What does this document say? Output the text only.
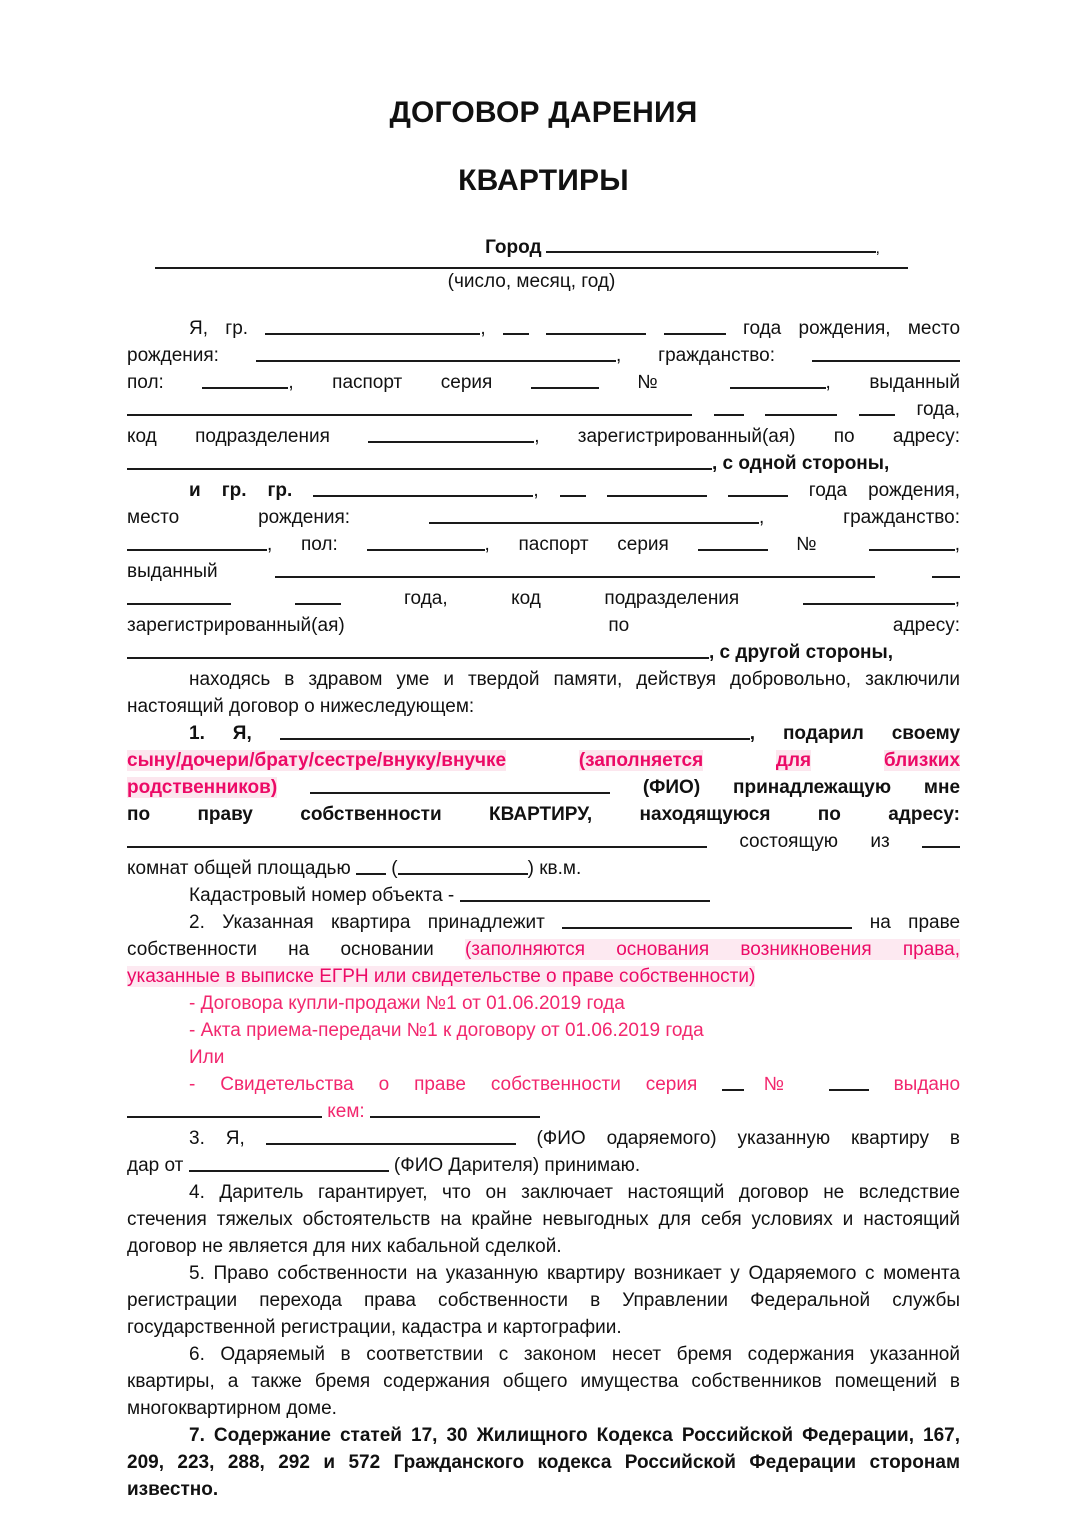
ДОГОВОР ДАРЕНИЯ

КВАРТИРЫ

Город	,
(число, месяц, год)
Я, гр.	,	года рождения, место
рождения:	, гражданство:
пол:	, паспорт серия	№	, выданный
года,
код подразделения	, зарегистрированный(ая) по адресу:
, с одной стороны,
и гр. гр.	,	года рождения,
место рождения:	, гражданство:
, пол:	, паспорт серия	№	,
выданный
года, код подразделения	,
зарегистрированный(ая)	по	адресу:
, с другой стороны,
находясь в здравом уме и твердой памяти, действуя добровольно, заключили настоящий договор о нижеследующем:
1. Я,	, подарил своему
сыну/дочери/брату/сестре/внуку/внучке	(заполняется	для	близких
родственников)	(ФИО) принадлежащую мне
по праву собственности КВАРТИРУ, находящуюся по адресу:
состоящую из
комнат общей площадью (	) кв.м.
Кадастровый номер объекта -
2. Указанная квартира принадлежит	на праве
собственности на основании (заполняются основания возникновения права,
указанные в выписке ЕГРН или свидетельстве о праве собственности)
- Договора купли-продажи №1 от 01.06.2019 года
- Акта приема-передачи №1 к договору от 01.06.2019 года
Или
- Свидетельства о праве собственности серия №	выдано
кем:
3. Я,	(ФИО одаряемого) указанную квартиру в
дар от	(ФИО Дарителя) принимаю.
4. Даритель гарантирует, что он заключает настоящий договор не вследствие стечения тяжелых обстоятельств на крайне невыгодных для себя условиях и настоящий договор не является для них кабальной сделкой.
5. Право собственности на указанную квартиру возникает у Одаряемого с момента регистрации перехода права собственности в Управлении Федеральной службы государственной регистрации, кадастра и картографии.
6. Одаряемый в соответствии с законом несет бремя содержания указанной квартиры, а также бремя содержания общего имущества собственников помещений в многоквартирном доме.
7. Содержание статей 17, 30 Жилищного Кодекса Российской Федерации, 167, 209, 223, 288, 292 и 572 Гражданского кодекса Российской Федерации сторонам известно.
